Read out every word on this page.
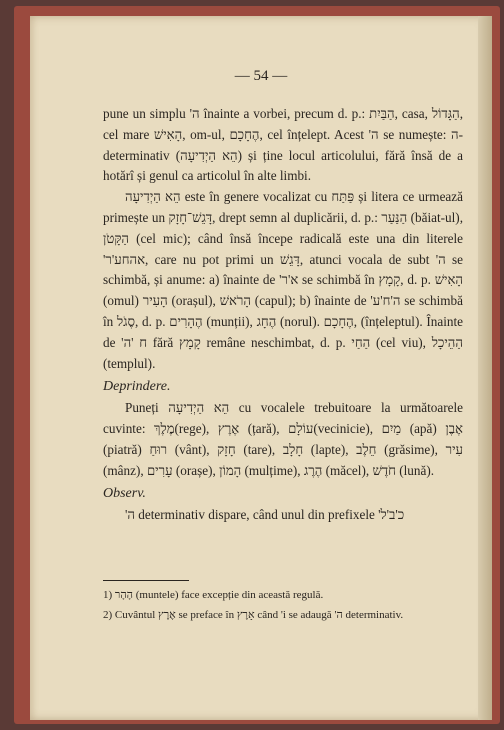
— 54 —

pune un simplu 'ה înainte a vorbei, precum d. p.: הַבַּיִת, casa, הַגָּדוֹל, cel mare הָאִישׁ, om-ul, הֶחָכָם, cel înțelept. Acest 'ה se numește: ה-determinativ (הֵא הַיְדִיעָה) și ține locul articolului, fără însă de a hotărî și genul ca articolul în alte limbi.

הֵא הַיְדִיעָה este în genere vocalizat cu פַּתַּח și litera ce urmează primește un דָּגֵשׁ־חָזָק, drept semn al duplicării, d. p.: הַנַּעַר (băiat-ul), הַקָּטֹן (cel mic); când însă începe radicală este una din literele 'אהחע'ר, care nu pot primi un דָּגֵשׁ, atunci vocala de subt 'ה se schimbă, și anume: a) înainte de 'א'ר se schimbă în קָמָץ, d. p. הָאִישׁ (omul) הָעִיר (orașul), הָרֹאשׁ (capul); b) înainte de 'ה'ח'ע se schimbă în סֶגֹל, d. p. הֶהָרִים (munții), הֶחָג (norul). הֶחָכָם, (înțeleptul). Înainte de 'ח 'ה fără קָמָץ rem​âne neschimbat, d. p. הַחַי (cel viu), הַהֵיכָל (templul).

Deprindere.

Puneți הֵא הַיְדִיעָה cu vocalele trebuitoare la următoarele cuvinte: מֶלֶךְ(rege), אֶרֶץ (țară), עוֹלָם(vecinicie), מַיִם (apă) אֶבֶן (piatră) רוּחַ (vânt), חָזָק (tare), חָלָב (lapte), חֵלֶב (grăsime), עִיר (mânz), עָרִים (orașe), הָמוֹן (mulțime), הֶרֶג (măcel), חֹדֶשׁ (lună).

Observ.

'ה determinativ dispare, când unul din prefixele 'כ'ב'ל

1) הָהָר (muntele) face excepție din această regulă.

2) Cuvântul אֶרֶץ se preface în אָרֶץ când 'i se adaugă 'ה determinativ.
